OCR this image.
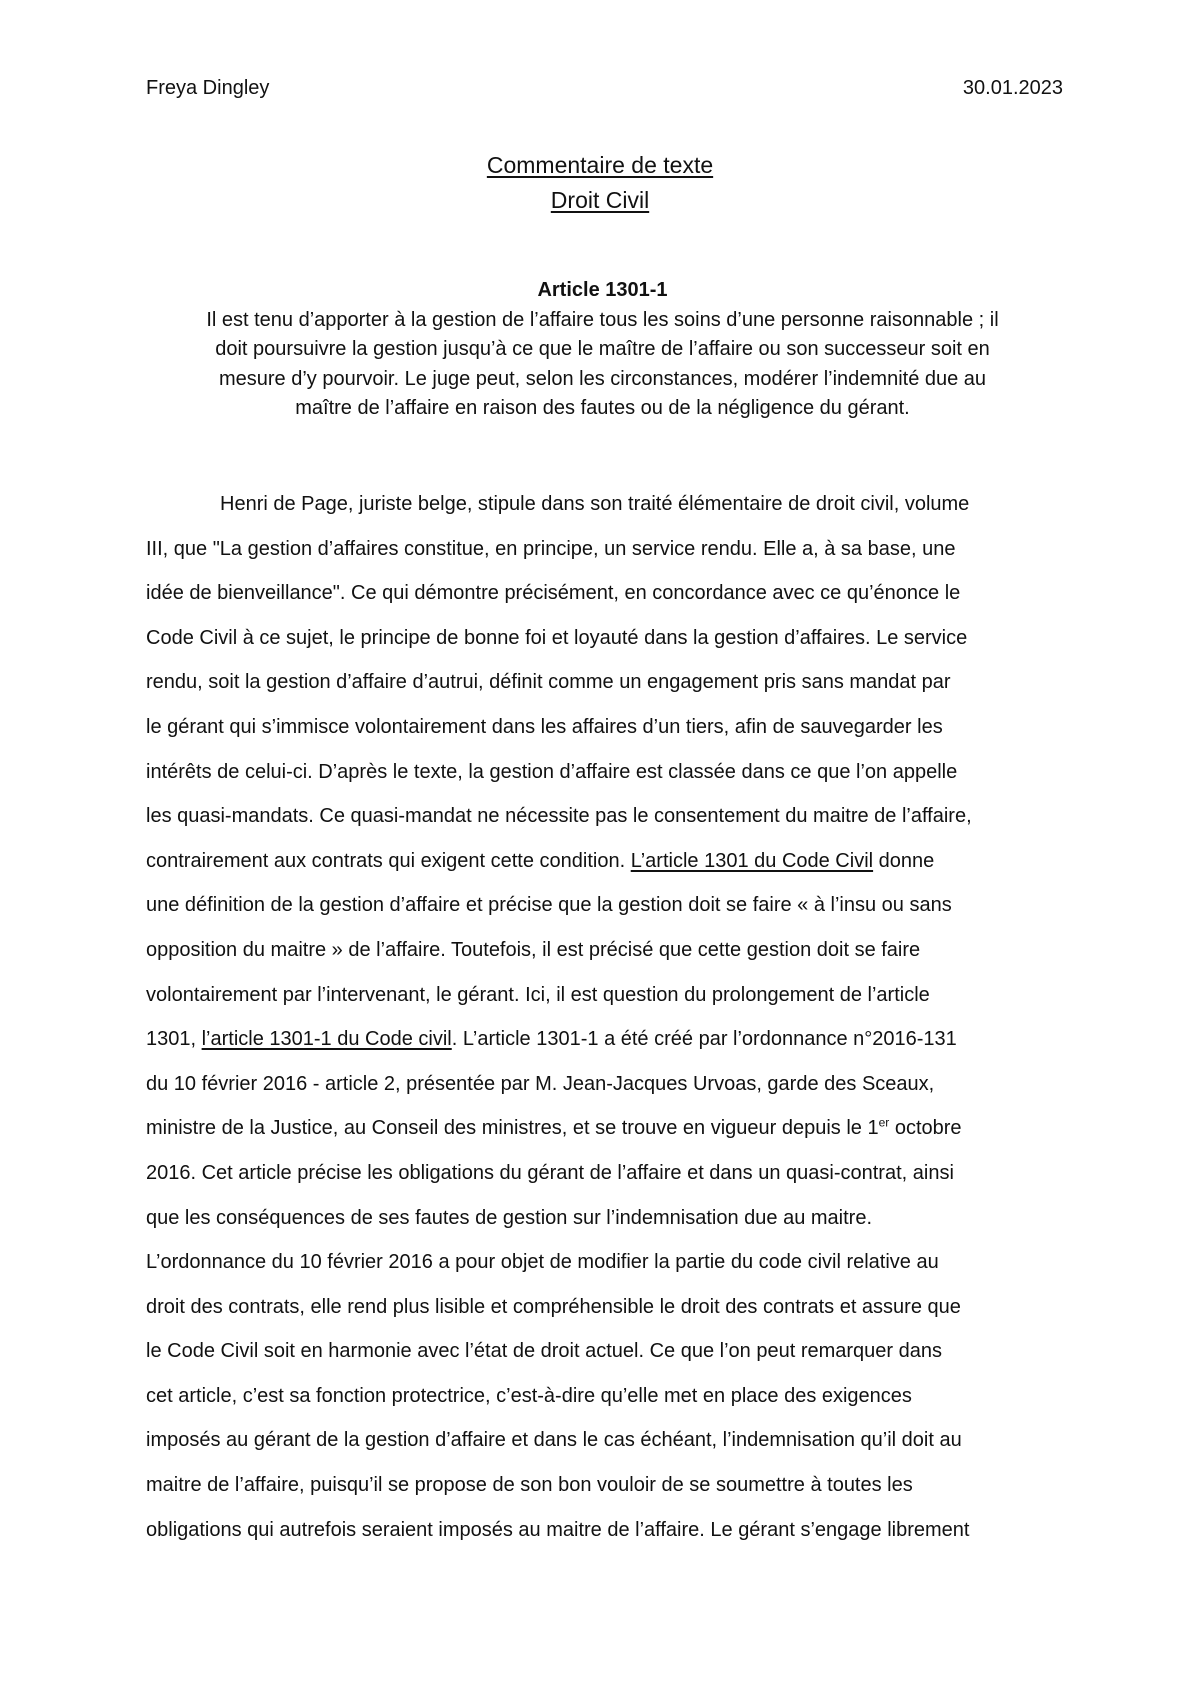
Freya Dingley	30.01.2023
Commentaire de texte
Droit Civil
Article 1301-1
Il est tenu d’apporter à la gestion de l’affaire tous les soins d’une personne raisonnable ; il
doit poursuivre la gestion jusqu’à ce que le maître de l’affaire ou son successeur soit en
mesure d’y pourvoir. Le juge peut, selon les circonstances, modérer l’indemnité due au
maître de l’affaire en raison des fautes ou de la négligence du gérant.
Henri de Page, juriste belge, stipule dans son traité élémentaire de droit civil, volume
III, que "La gestion d’affaires constitue, en principe, un service rendu. Elle a, à sa base, une
idée de bienveillance". Ce qui démontre précisément, en concordance avec ce qu’énonce le
Code Civil à ce sujet, le principe de bonne foi et loyauté dans la gestion d’affaires. Le service
rendu, soit la gestion d’affaire d’autrui, définit comme un engagement pris sans mandat par
le gérant qui s’immisce volontairement dans les affaires d’un tiers, afin de sauvegarder les
intérêts de celui-ci. D’après le texte, la gestion d’affaire est classée dans ce que l’on appelle
les quasi-mandats. Ce quasi-mandat ne nécessite pas le consentement du maitre de l’affaire,
contrairement aux contrats qui exigent cette condition. L’article 1301 du Code Civil donne
une définition de la gestion d’affaire et précise que la gestion doit se faire « à l’insu ou sans
opposition du maitre » de l’affaire. Toutefois, il est précisé que cette gestion doit se faire
volontairement par l’intervenant, le gérant. Ici, il est question du prolongement de l’article
1301, l’article 1301-1 du Code civil. L’article 1301-1 a été créé par l’ordonnance n°2016-131
du 10 février 2016 - article 2, présentée par M. Jean-Jacques Urvoas, garde des Sceaux,
ministre de la Justice, au Conseil des ministres, et se trouve en vigueur depuis le 1er octobre
2016. Cet article précise les obligations du gérant de l’affaire et dans un quasi-contrat, ainsi
que les conséquences de ses fautes de gestion sur l’indemnisation due au maitre.
L’ordonnance du 10 février 2016 a pour objet de modifier la partie du code civil relative au
droit des contrats, elle rend plus lisible et compréhensible le droit des contrats et assure que
le Code Civil soit en harmonie avec l’état de droit actuel. Ce que l’on peut remarquer dans
cet article, c’est sa fonction protectrice, c’est-à-dire qu’elle met en place des exigences
imposés au gérant de la gestion d’affaire et dans le cas échéant, l’indemnisation qu’il doit au
maitre de l’affaire, puisqu’il se propose de son bon vouloir de se soumettre à toutes les
obligations qui autrefois seraient imposés au maitre de l’affaire. Le gérant s’engage librement
